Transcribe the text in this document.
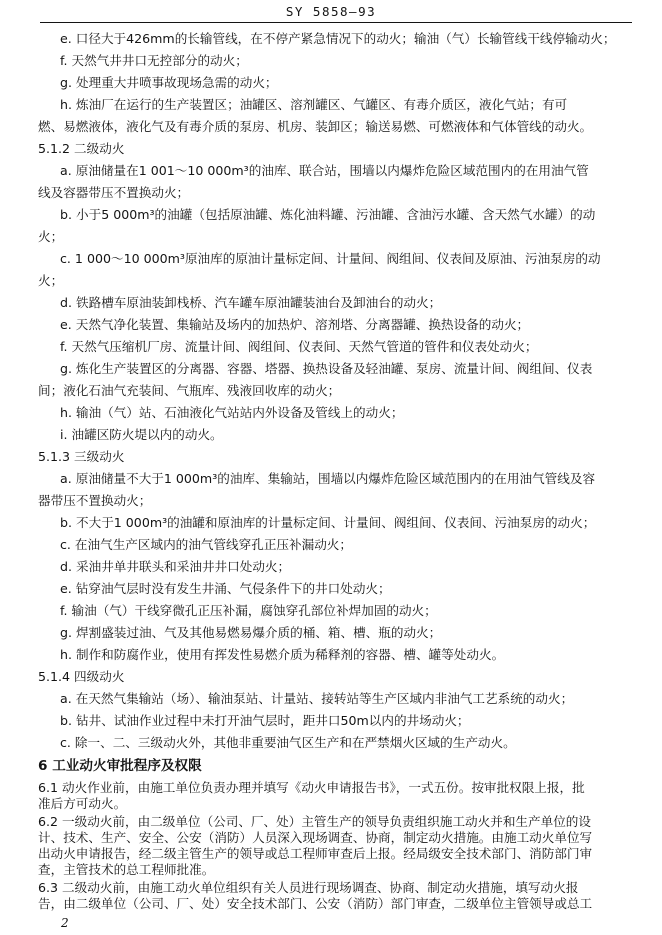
SY 5858—93

e. 口径大于426mm的长输管线，在不停产紧急情况下的动火；输油（气）长输管线干线停输动火；

f. 天然气井井口无控部分的动火；

g. 处理重大井喷事故现场急需的动火；

h. 炼油厂在运行的生产装置区；油罐区、溶剂罐区、气罐区、有毒介质区，液化气站；有可

燃、易燃液体，液化气及有毒介质的泵房、机房、装卸区；输送易燃、可燃液体和气体管线的动火。

5.1.2 二级动火

a. 原油储量在1 001～10 000m³的油库、联合站，围墙以内爆炸危险区域范围内的在用油气管

线及容器带压不置换动火；

b. 小于5 000m³的油罐（包括原油罐、炼化油料罐、污油罐、含油污水罐、含天然气水罐）的动

火；

c. 1 000～10 000m³原油库的原油计量标定间、计量间、阀组间、仪表间及原油、污油泵房的动

火；

d. 铁路槽车原油装卸栈桥、汽车罐车原油罐装油台及卸油台的动火；

e. 天然气净化装置、集输站及场内的加热炉、溶剂塔、分离器罐、换热设备的动火；

f. 天然气压缩机厂房、流量计间、阀组间、仪表间、天然气管道的管件和仪表处动火；

g. 炼化生产装置区的分离器、容器、塔器、换热设备及轻油罐、泵房、流量计间、阀组间、仪表

间；液化石油气充装间、气瓶库、残液回收库的动火；

h. 输油（气）站、石油液化气站站内外设备及管线上的动火；

i. 油罐区防火堤以内的动火。

5.1.3 三级动火

a. 原油储量不大于1 000m³的油库、集输站，围墙以内爆炸危险区域范围内的在用油气管线及容

器带压不置换动火；

b. 不大于1 000m³的油罐和原油库的计量标定间、计量间、阀组间、仪表间、污油泵房的动火；

c. 在油气生产区域内的油气管线穿孔正压补漏动火；

d. 采油井单井联头和采油井井口处动火；

e. 钻穿油气层时没有发生井涌、气侵条件下的井口处动火；

f. 输油（气）干线穿微孔正压补漏，腐蚀穿孔部位补焊加固的动火；

g. 焊割盛装过油、气及其他易燃易爆介质的桶、箱、槽、瓶的动火；

h. 制作和防腐作业，使用有挥发性易燃介质为稀释剂的容器、槽、罐等处动火。

5.1.4 四级动火

a. 在天然气集输站（场）、输油泵站、计量站、接转站等生产区域内非油气工艺系统的动火；

b. 钻井、试油作业过程中未打开油气层时，距井口50m以内的井场动火；

c. 除一、二、三级动火外，其他非重要油气区生产和在严禁烟火区域的生产动火。

6 工业动火审批程序及权限

6.1 动火作业前，由施工单位负责办理并填写《动火申请报告书》，一式五份。按审批权限上报，批

准后方可动火。

2

6.2 一级动火前，由二级单位（公司、厂、处）主管生产的领导负责组织施工动火并和生产单位的设

计、技术、生产、安全、公安（消防）人员深入现场调查、协商，制定动火措施。由施工动火单位写

出动火申请报告，经二级主管生产的领导或总工程师审查后上报。经局级安全技术部门、消防部门审

查，主管技术的总工程师批准。

6.3 二级动火前，由施工动火单位组织有关人员进行现场调查、协商、制定动火措施，填写动火报

告，由二级单位（公司、厂、处）安全技术部门、公安（消防）部门审查，二级单位主管领导或总工
